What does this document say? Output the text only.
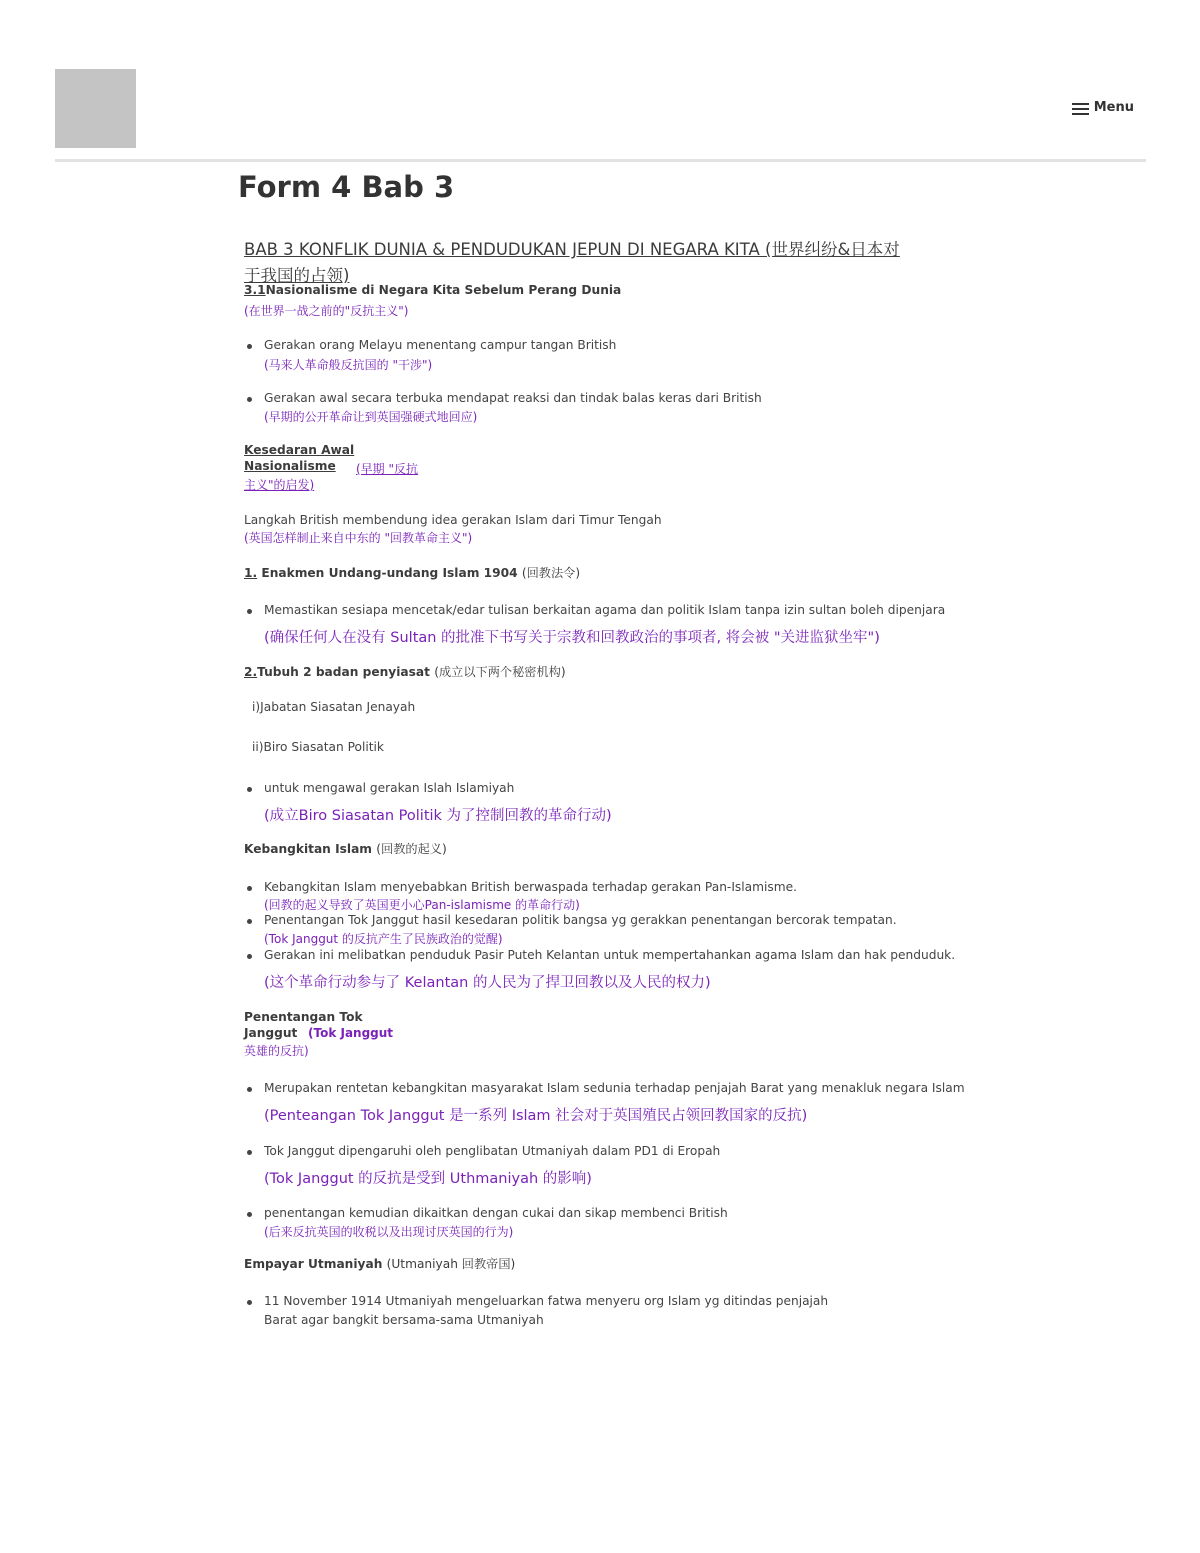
Menu
Form 4 Bab 3
BAB 3 KONFLIK DUNIA & PENDUDUKAN JEPUN DI NEGARA KITA (世界纠纷&日本对
于我国的占领)
3.1Nasionalisme di Negara Kita Sebelum Perang Dunia
(在世界一战之前的"反抗主义")
Gerakan orang Melayu menentang campur tangan British
(马来人革命般反抗国的 "干涉")
Gerakan awal secara terbuka mendapat reaksi dan tindak balas keras dari British
(早期的公开革命让到英国强硬式地回应)
Kesedaran Awal
Nasionalisme (早期 "反抗
主义"的启发)
Langkah British membendung idea gerakan Islam dari Timur Tengah
(英国怎样制止来自中东的 "回教革命主义")
1. Enakmen Undang-undang Islam 1904 (回教法令)
Memastikan sesiapa mencetak/edar tulisan berkaitan agama dan politik Islam tanpa izin sultan boleh dipenjara
(确保任何人在没有 Sultan 的批准下书写关于宗教和回教政治的事项者, 将会被 "关进监狱坐牢")
2.Tubuh 2 badan penyiasat (成立以下两个秘密机构)
i)Jabatan Siasatan Jenayah
ii)Biro Siasatan Politik
untuk mengawal gerakan Islah Islamiyah
(成立Biro Siasatan Politik 为了控制回教的革命行动)
Kebangkitan Islam (回教的起义)
Kebangkitan Islam menyebabkan British berwaspada terhadap gerakan Pan-Islamisme.
(回教的起义导致了英国更小心Pan-islamisme 的革命行动)
Penentangan Tok Janggut hasil kesedaran politik bangsa yg gerakkan penentangan bercorak tempatan.
(Tok Janggut 的反抗产生了民族政治的觉醒)
Gerakan ini melibatkan penduduk Pasir Puteh Kelantan untuk mempertahankan agama Islam dan hak penduduk.
(这个革命行动参与了 Kelantan 的人民为了捍卫回教以及人民的权力)
Penentangan Tok
Janggut (Tok Janggut
英雄的反抗)
Merupakan rentetan kebangkitan masyarakat Islam sedunia terhadap penjajah Barat yang menakluk negara Islam
(Penteangan Tok Janggut 是一系列 Islam 社会对于英国殖民占领回教国家的反抗)
Tok Janggut dipengaruhi oleh penglibatan Utmaniyah dalam PD1 di Eropah
(Tok Janggut 的反抗是受到 Uthmaniyah 的影响)
penentangan kemudian dikaitkan dengan cukai dan sikap membenci British
(后来反抗英国的收税以及出现讨厌英国的行为)
Empayar Utmaniyah (Utmaniyah 回教帝国)
11 November 1914 Utmaniyah mengeluarkan fatwa menyeru org Islam yg ditindas penjajah
Barat agar bangkit bersama-sama Utmaniyah
